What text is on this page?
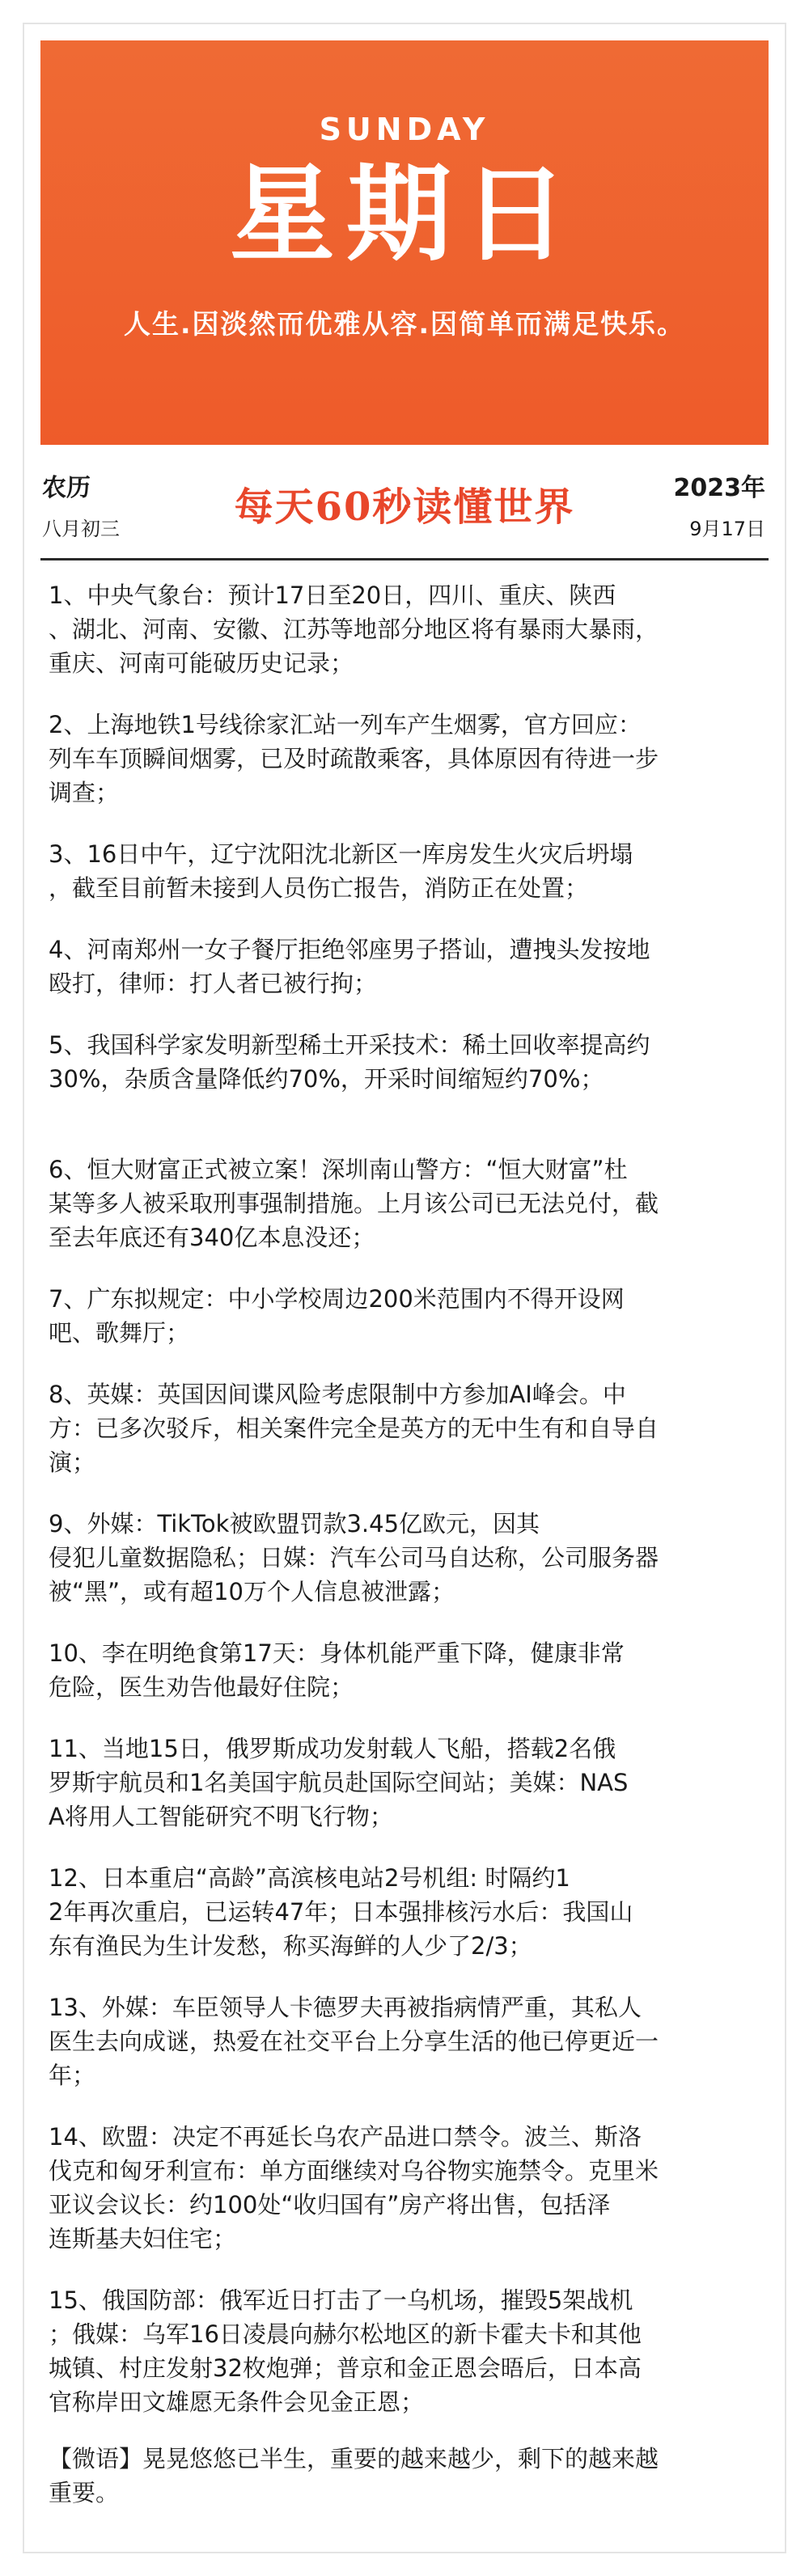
SUNDAY
星期日
人生.因淡然而优雅从容.因简单而满足快乐。
农历
八月初三	每天60秒读懂世界	2023年
9月17日
1、中央气象台：预计17日至20日，四川、重庆、陕西
、湖北、河南、安徽、江苏等地部分地区将有暴雨大暴雨，
重庆、河南可能破历史记录；
2、上海地铁1号线徐家汇站一列车产生烟雾，官方回应：
列车车顶瞬间烟雾，已及时疏散乘客，具体原因有待进一步
调查；
3、16日中午，辽宁沈阳沈北新区一库房发生火灾后坍塌
，截至目前暂未接到人员伤亡报告，消防正在处置；
4、河南郑州一女子餐厅拒绝邻座男子搭讪，遭拽头发按地
殴打，律师：打人者已被行拘；
5、我国科学家发明新型稀土开采技术：稀土回收率提高约
30%，杂质含量降低约70%，开采时间缩短约70%；
6、恒大财富正式被立案！深圳南山警方：“恒大财富”杜
某等多人被采取刑事强制措施。上月该公司已无法兑付，截
至去年底还有340亿本息没还；
7、广东拟规定：中小学校周边200米范围内不得开设网
吧、歌舞厅；
8、英媒：英国因间谍风险考虑限制中方参加AI峰会。中
方：已多次驳斥，相关案件完全是英方的无中生有和自导自
演；
9、外媒：TikTok被欧盟罚款3.45亿欧元，因其
侵犯儿童数据隐私；日媒：汽车公司马自达称，公司服务器
被“黑”，或有超10万个人信息被泄露；
10、李在明绝食第17天：身体机能严重下降，健康非常
危险，医生劝告他最好住院；
11、当地15日，俄罗斯成功发射载人飞船，搭载2名俄
罗斯宇航员和1名美国宇航员赴国际空间站；美媒：NAS
A将用人工智能研究不明飞行物；
12、日本重启“高龄”高滨核电站2号机组: 时隔约1
2年再次重启，已运转47年；日本强排核污水后：我国山
东有渔民为生计发愁，称买海鲜的人少了2/3；
13、外媒：车臣领导人卡德罗夫再被指病情严重，其私人
医生去向成谜，热爱在社交平台上分享生活的他已停更近一
年；
14、欧盟：决定不再延长乌农产品进口禁令。波兰、斯洛
伐克和匈牙利宣布：单方面继续对乌谷物实施禁令。克里米
亚议会议长：约100处“收归国有”房产将出售，包括泽
连斯基夫妇住宅；
15、俄国防部：俄军近日打击了一乌机场，摧毁5架战机
；俄媒：乌军16日凌晨向赫尔松地区的新卡霍夫卡和其他
城镇、村庄发射32枚炮弹；普京和金正恩会晤后，日本高
官称岸田文雄愿无条件会见金正恩；
【微语】晃晃悠悠已半生，重要的越来越少，剩下的越来越
重要。
